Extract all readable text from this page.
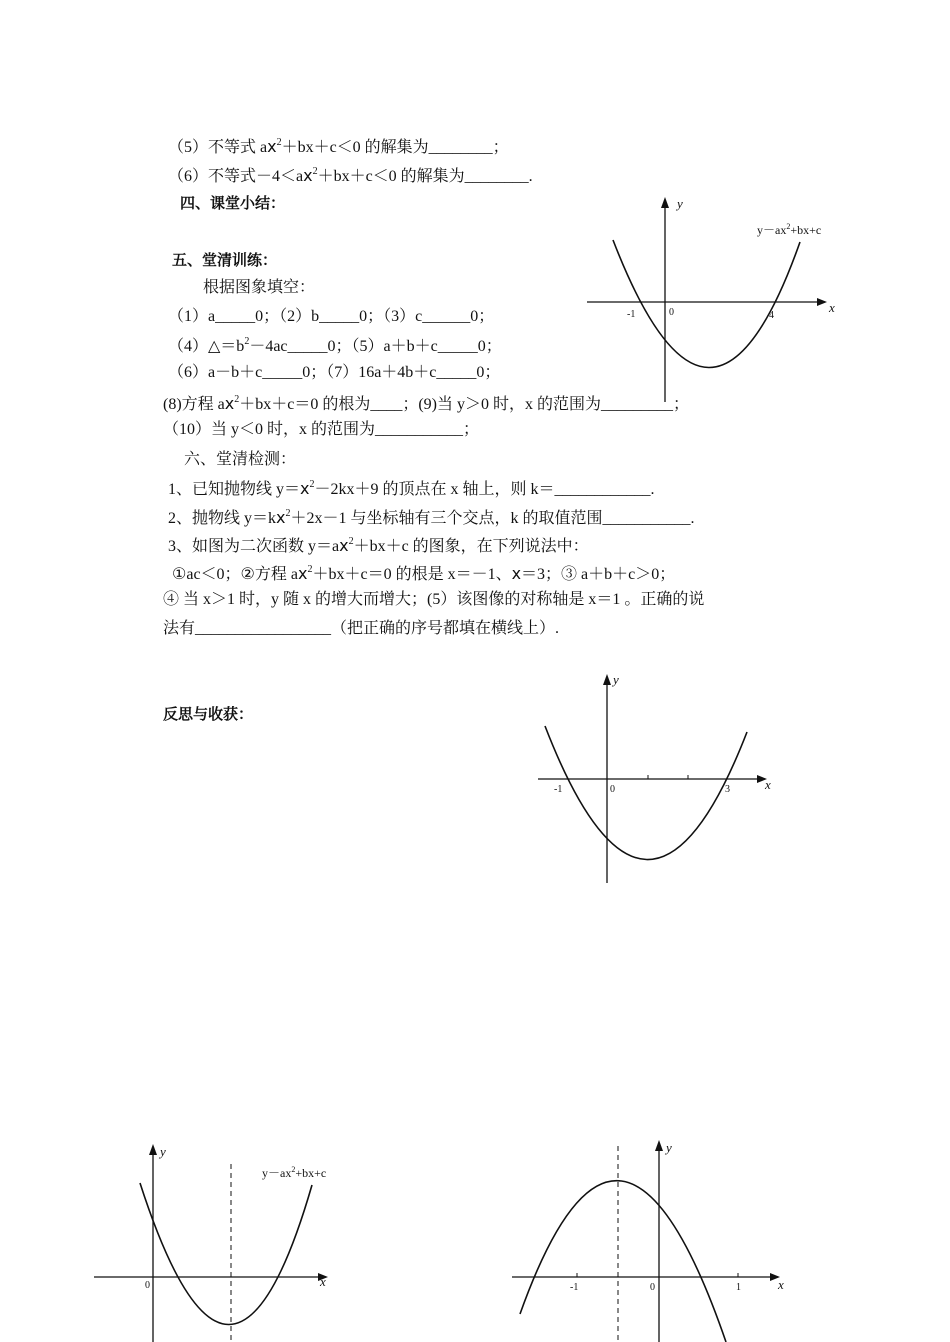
（5）不等式 $ax^2+bx+c<0$ 的解集为________；
（6）不等式$-4<ax^2+bx+c<0$ 的解集为________.
四、课堂小结：
五、堂清训练：
根据图象填空：
（1）a_____0；（2）b_____0；（3）c______0；
$(4)\triangle=b^2-4ac\_\_\_\_\_0$；（5）a＋b＋c_____0；
（6）a－b＋c_____0；（7）16a＋4b＋c_____0；
(8)方程 $ax^2+bx+c=0$ 的根为____；(9)当 y＞0 时，x 的范围为_________；
（10）当 y＜0 时，x 的范围为___________；
六、堂清检测：
1、已知抛物线 $y=x^2-2kx+9$ 的顶点在 x 轴上，则 k＝____________.
2、抛物线 $y=kx^2+2x-1$ 与坐标轴有三个交点，k 的取值范围___________.
3、如图为二次函数 $y=ax^2+bx+c$ 的图象，在下列说法中：
①ac＜0；②方程 $ax^2+bx+c=0$ 的根是 x＝－1、x＝3；③ a＋b＋c＞0；
④ 当 x＞1 时，y 随 x 的增大而增大；(5）该图像的对称轴是 x＝1 。正确的说
法有_________________（把正确的序号都填在横线上）.
反思与收获：
y
x
0
-1	4
$y-ax^2+bx+c$
y
x
0
-1	3
y
x
0
$y-ax^2+bx+c$
y
x
0
-1	1
